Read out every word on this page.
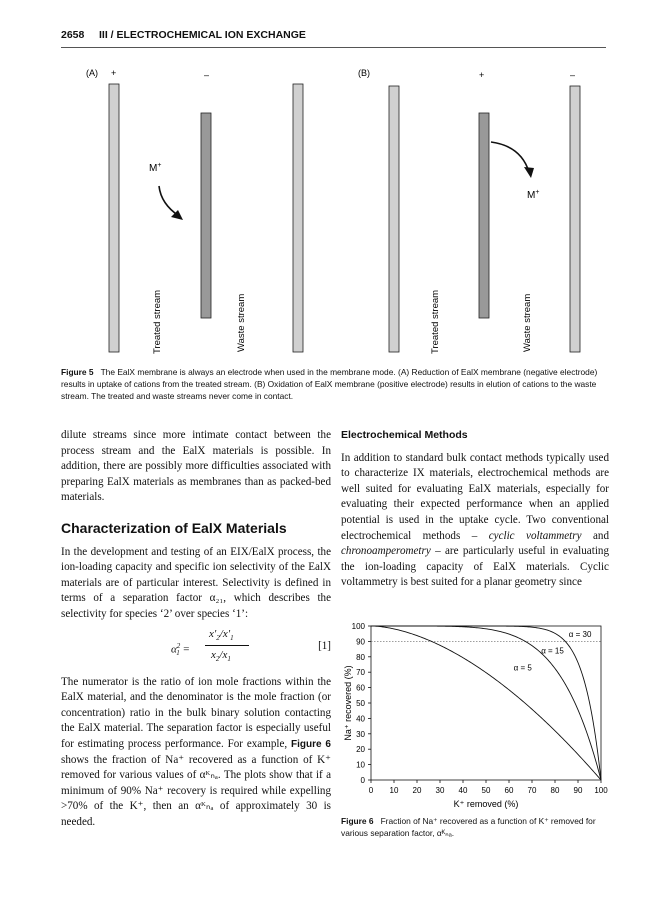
2658 III / ELECTROCHEMICAL ION EXCHANGE
(A) +	–
M+
Treated stream	Waste stream
(B)	+	–
M+
Treated stream	Waste stream
Figure 5 The EalX membrane is always an electrode when used in the membrane mode. (A) Reduction of EalX membrane (negative electrode) results in uptake of cations from the treated stream. (B) Oxidation of EalX membrane (positive electrode) results in elution of cations to the waste stream. The treated and waste streams never come in contact.

dilute streams since more intimate contact between the process stream and the EalX materials is possible. In addition, there are possibly more difficulties associated with preparing EalX materials as membranes than as packed-bed materials.

Characterization of EalX Materials

In the development and testing of an EIX/EalX process, the ion-loading capacity and specific ion selectivity of the EalX materials are of particular interest. Selectivity is defined in terms of a separation factor α₂₁, which describes the selectivity for species ‘2’ over species ‘1’:

$\alpha^2_1$ =
$x'_2/x'_1$
$x_2/x_1$
[1]

The numerator is the ratio of ion mole fractions within the EalX material, and the denominator is the mole fraction (or concentration) ratio in the bulk binary solution contacting the EalX material. The separation factor is especially useful for estimating process performance. For example, Figure 6 shows the fraction of Na⁺ recovered as a function of K⁺ removed for various values of αᴷₙₐ. The plots show that if a minimum of 90% Na⁺ recovery is required while expelling >70% of the K⁺, then an αᴷₙₐ of approximately 30 is needed.

Electrochemical Methods

In addition to standard bulk contact methods typically used to characterize IX materials, electrochemical methods are well suited for evaluating EalX materials, especially for evaluating their expected performance when an applied potential is used in the uptake cycle. Two conventional electrochemical methods – cyclic voltammetry and chronoamperometry – are particularly useful in evaluating the ion-loading capacity of EalX materials. Cyclic voltammetry is best suited for a planar geometry since

0
10
20
30
40
50
60
70
80
90
100
0 10 20 30 40 50 60 70 80 90 100
α = 5
α = 15
α = 30
K⁺ removed (%)
Na⁺ recovered (%)
Figure 6 Fraction of Na⁺ recovered as a function of K⁺ removed for various separation factor, αᴷₙₐ.
